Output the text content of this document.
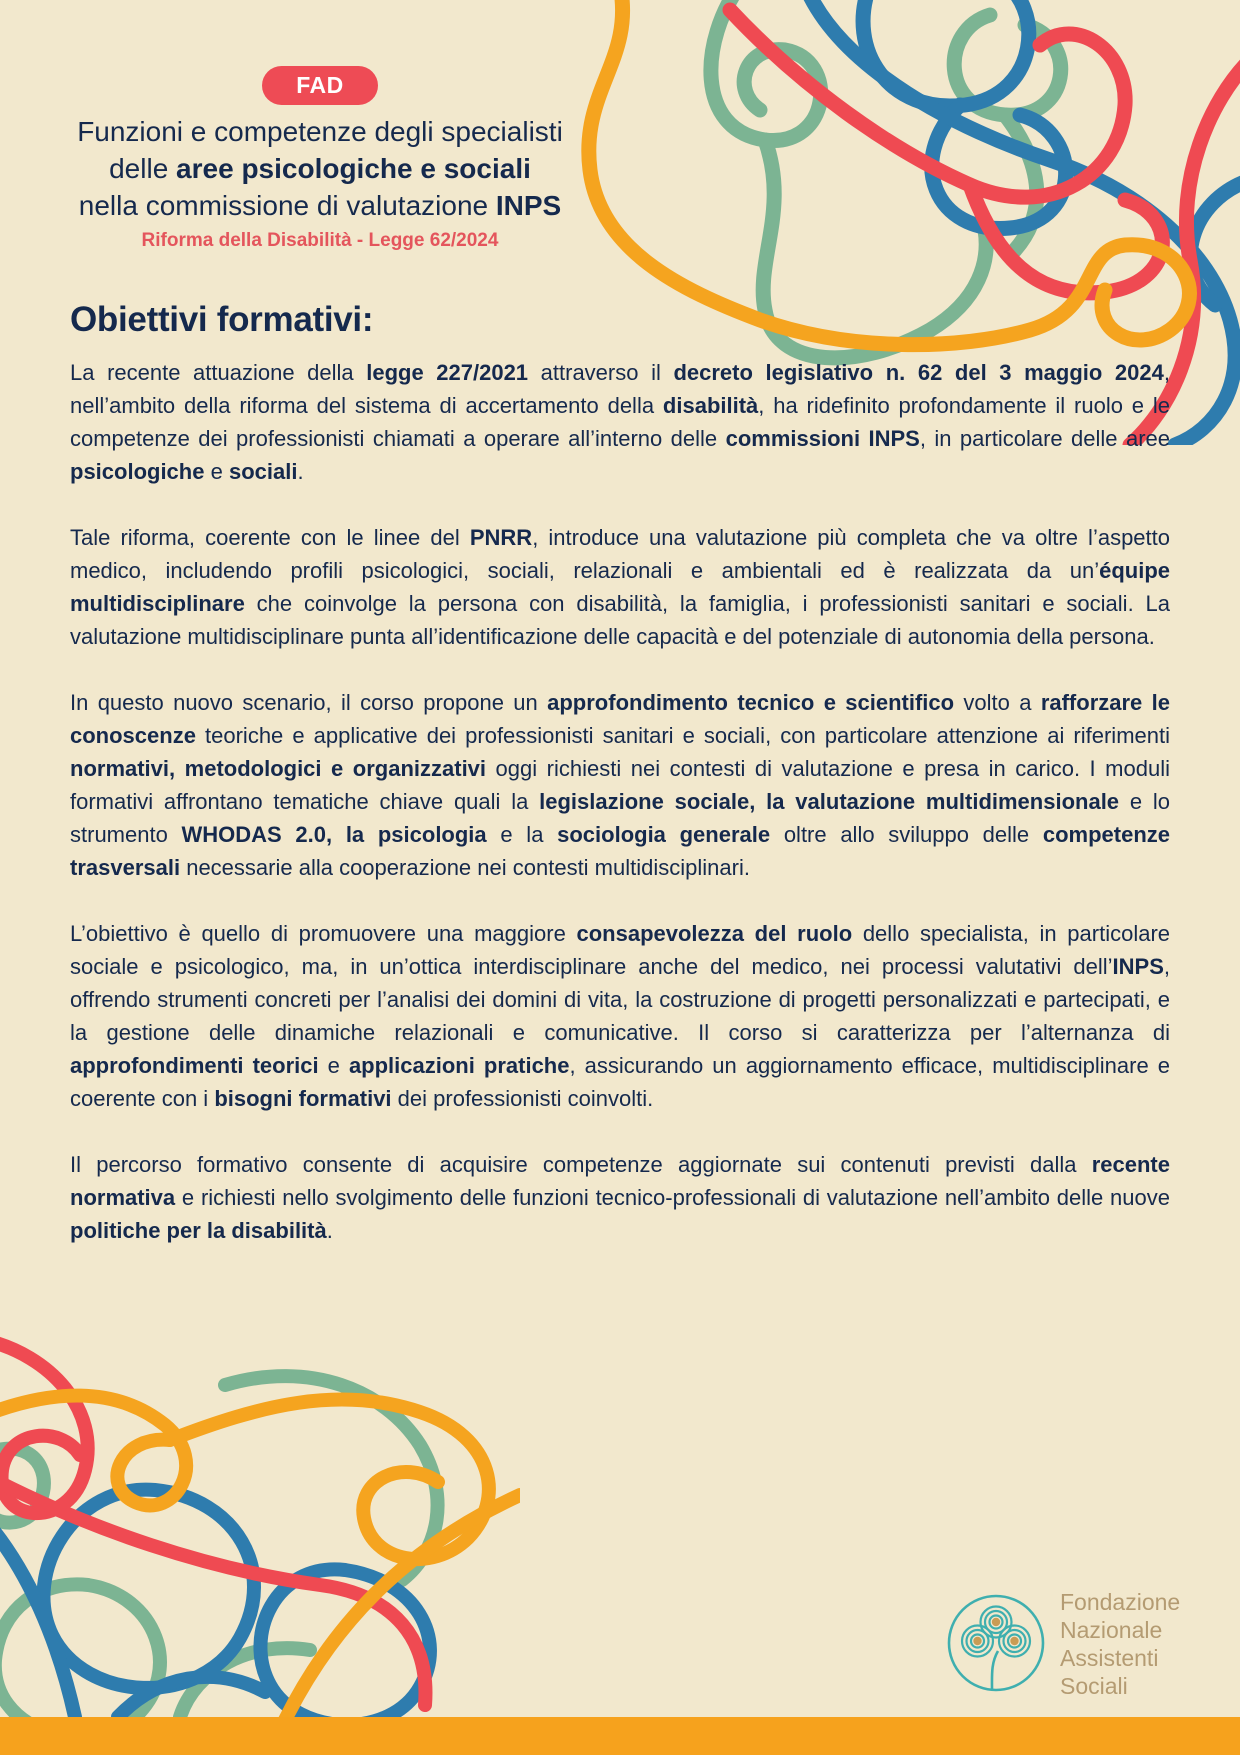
FAD
Funzioni e competenze degli specialisti
delle aree psicologiche e sociali
nella commissione di valutazione INPS
Riforma della Disabilità - Legge 62/2024
Obiettivi formativi:

La recente attuazione della legge 227/2021 attraverso il decreto legislativo n. 62 del 3 maggio 2024, nell’ambito della riforma del sistema di accertamento della disabilità, ha ridefinito profondamente il ruolo e le competenze dei professionisti chiamati a operare all’interno delle commissioni INPS, in particolare delle aree psicologiche e sociali.

Tale riforma, coerente con le linee del PNRR, introduce una valutazione più completa che va oltre l’aspetto medico, includendo profili psicologici, sociali, relazionali e ambientali ed è realizzata da un’équipe multidisciplinare che coinvolge la persona con disabilità, la famiglia, i professionisti sanitari e sociali. La valutazione multidisciplinare punta all’identificazione delle capacità e del potenziale di autonomia della persona.

In questo nuovo scenario, il corso propone un approfondimento tecnico e scientifico volto a rafforzare le conoscenze teoriche e applicative dei professionisti sanitari e sociali, con particolare attenzione ai riferimenti normativi, metodologici e organizzativi oggi richiesti nei contesti di valutazione e presa in carico. I moduli formativi affrontano tematiche chiave quali la legislazione sociale, la valutazione multidimensionale e lo strumento WHODAS 2.0, la psicologia e la sociologia generale oltre allo sviluppo delle competenze trasversali necessarie alla cooperazione nei contesti multidisciplinari.

L’obiettivo è quello di promuovere una maggiore consapevolezza del ruolo dello specialista, in particolare sociale e psicologico, ma, in un’ottica interdisciplinare anche del medico, nei processi valutativi dell’INPS, offrendo strumenti concreti per l’analisi dei domini di vita, la costruzione di progetti personalizzati e partecipati, e la gestione delle dinamiche relazionali e comunicative. Il corso si caratterizza per l’alternanza di approfondimenti teorici e applicazioni pratiche, assicurando un aggiornamento efficace, multidisciplinare e coerente con i bisogni formativi dei professionisti coinvolti.

Il percorso formativo consente di acquisire competenze aggiornate sui contenuti previsti dalla recente normativa e richiesti nello svolgimento delle funzioni tecnico-professionali di valutazione nell’ambito delle nuove politiche per la disabilità.

Fondazione
Nazionale
Assistenti
Sociali
